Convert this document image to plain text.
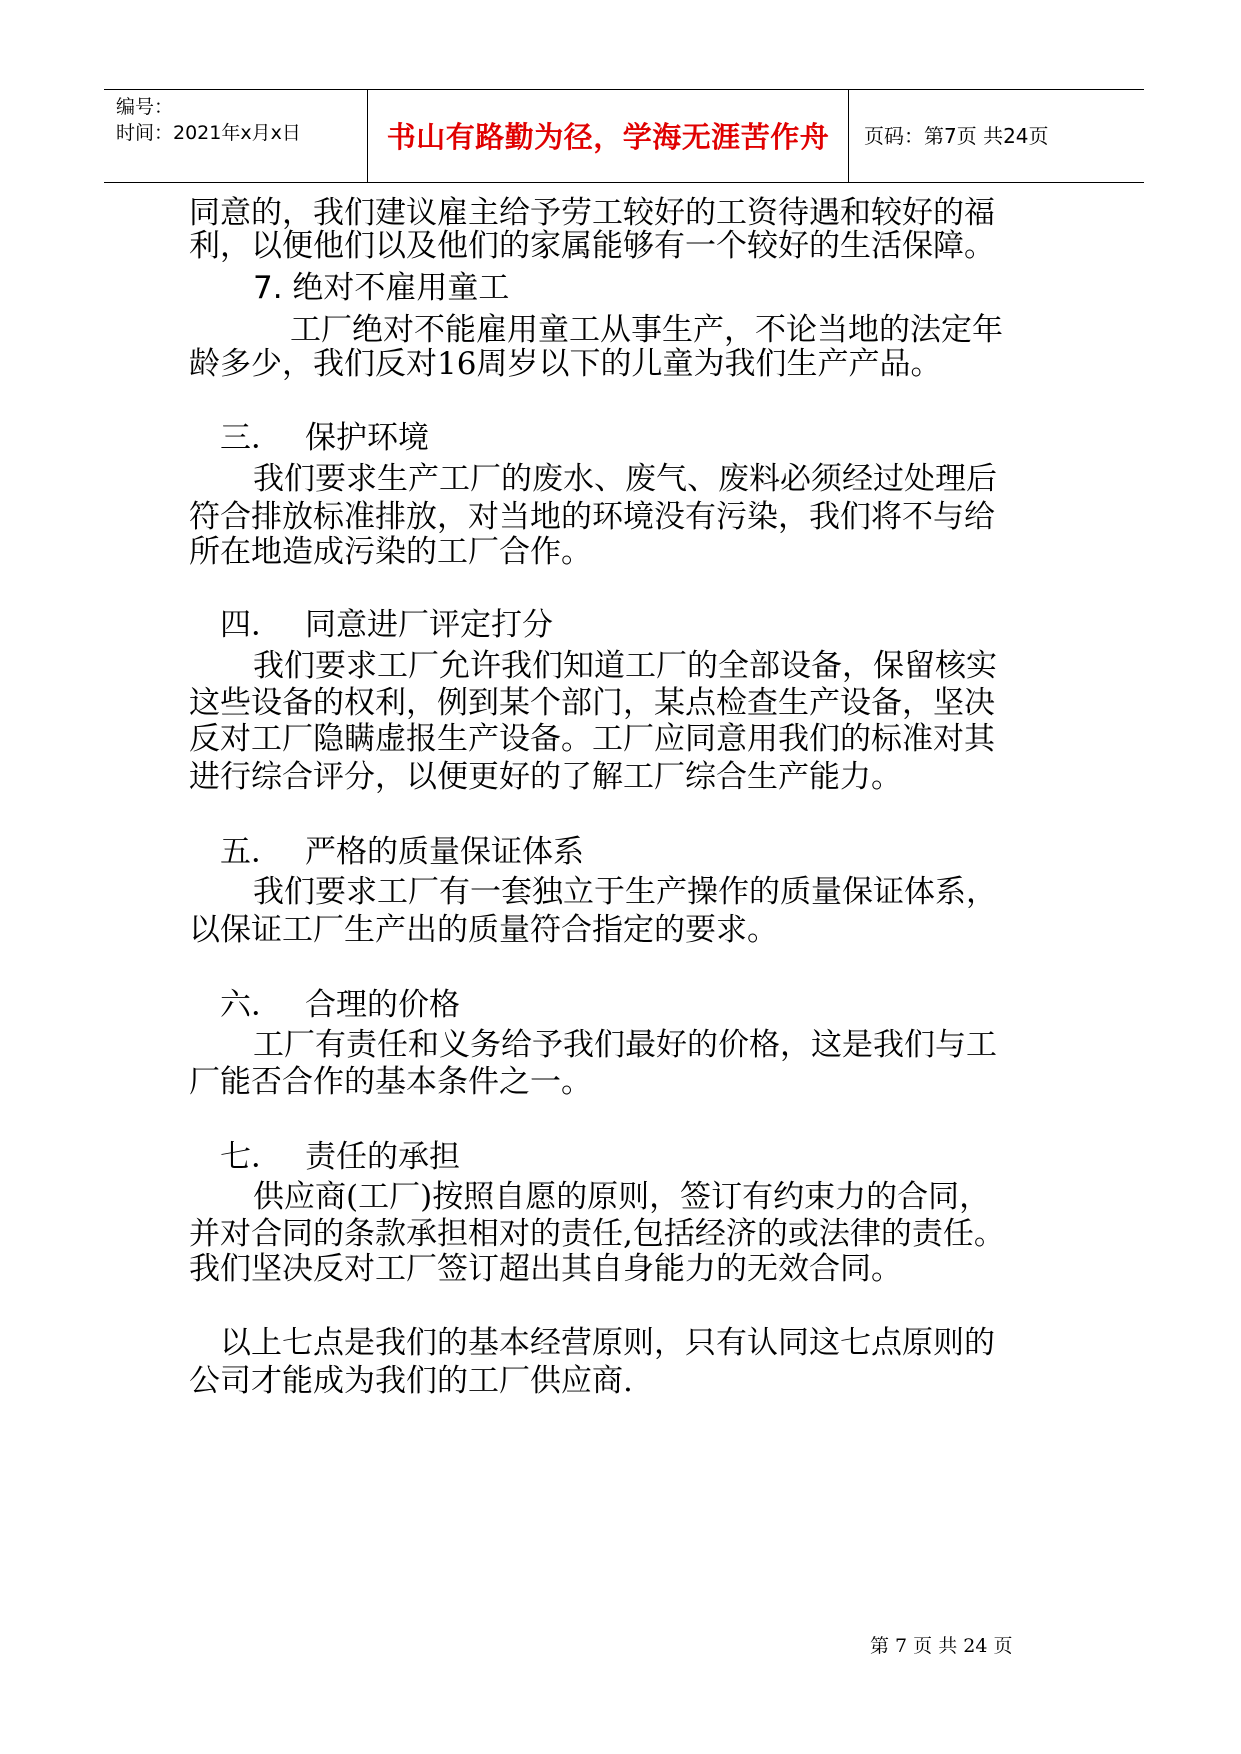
编号：
时间：2021年x月x日	书山有路勤为径，学海无涯苦作舟	页码：第7页 共24页
同意的，我们建议雇主给予劳工较好的工资待遇和较好的福
利，以便他们以及他们的家属能够有一个较好的生活保障。
7. 绝对不雇用童工
工厂绝对不能雇用童工从事生产，不论当地的法定年
龄多少，我们反对16周岁以下的儿童为我们生产产品。
三． 保护环境
我们要求生产工厂的废水、废气、废料必须经过处理后
符合排放标准排放，对当地的环境没有污染，我们将不与给
所在地造成污染的工厂合作。
四． 同意进厂评定打分
我们要求工厂允许我们知道工厂的全部设备，保留核实
这些设备的权利，例到某个部门，某点检查生产设备，坚决
反对工厂隐瞒虚报生产设备。工厂应同意用我们的标准对其
进行综合评分，以便更好的了解工厂综合生产能力。
五． 严格的质量保证体系
我们要求工厂有一套独立于生产操作的质量保证体系，
以保证工厂生产出的质量符合指定的要求。
六． 合理的价格
工厂有责任和义务给予我们最好的价格，这是我们与工
厂能否合作的基本条件之一。
七． 责任的承担
供应商(工厂)按照自愿的原则，签订有约束力的合同，
并对合同的条款承担相对的责任,包括经济的或法律的责任。
我们坚决反对工厂签订超出其自身能力的无效合同。
以上七点是我们的基本经营原则，只有认同这七点原则的
公司才能成为我们的工厂供应商.
第 7 页 共 24 页
